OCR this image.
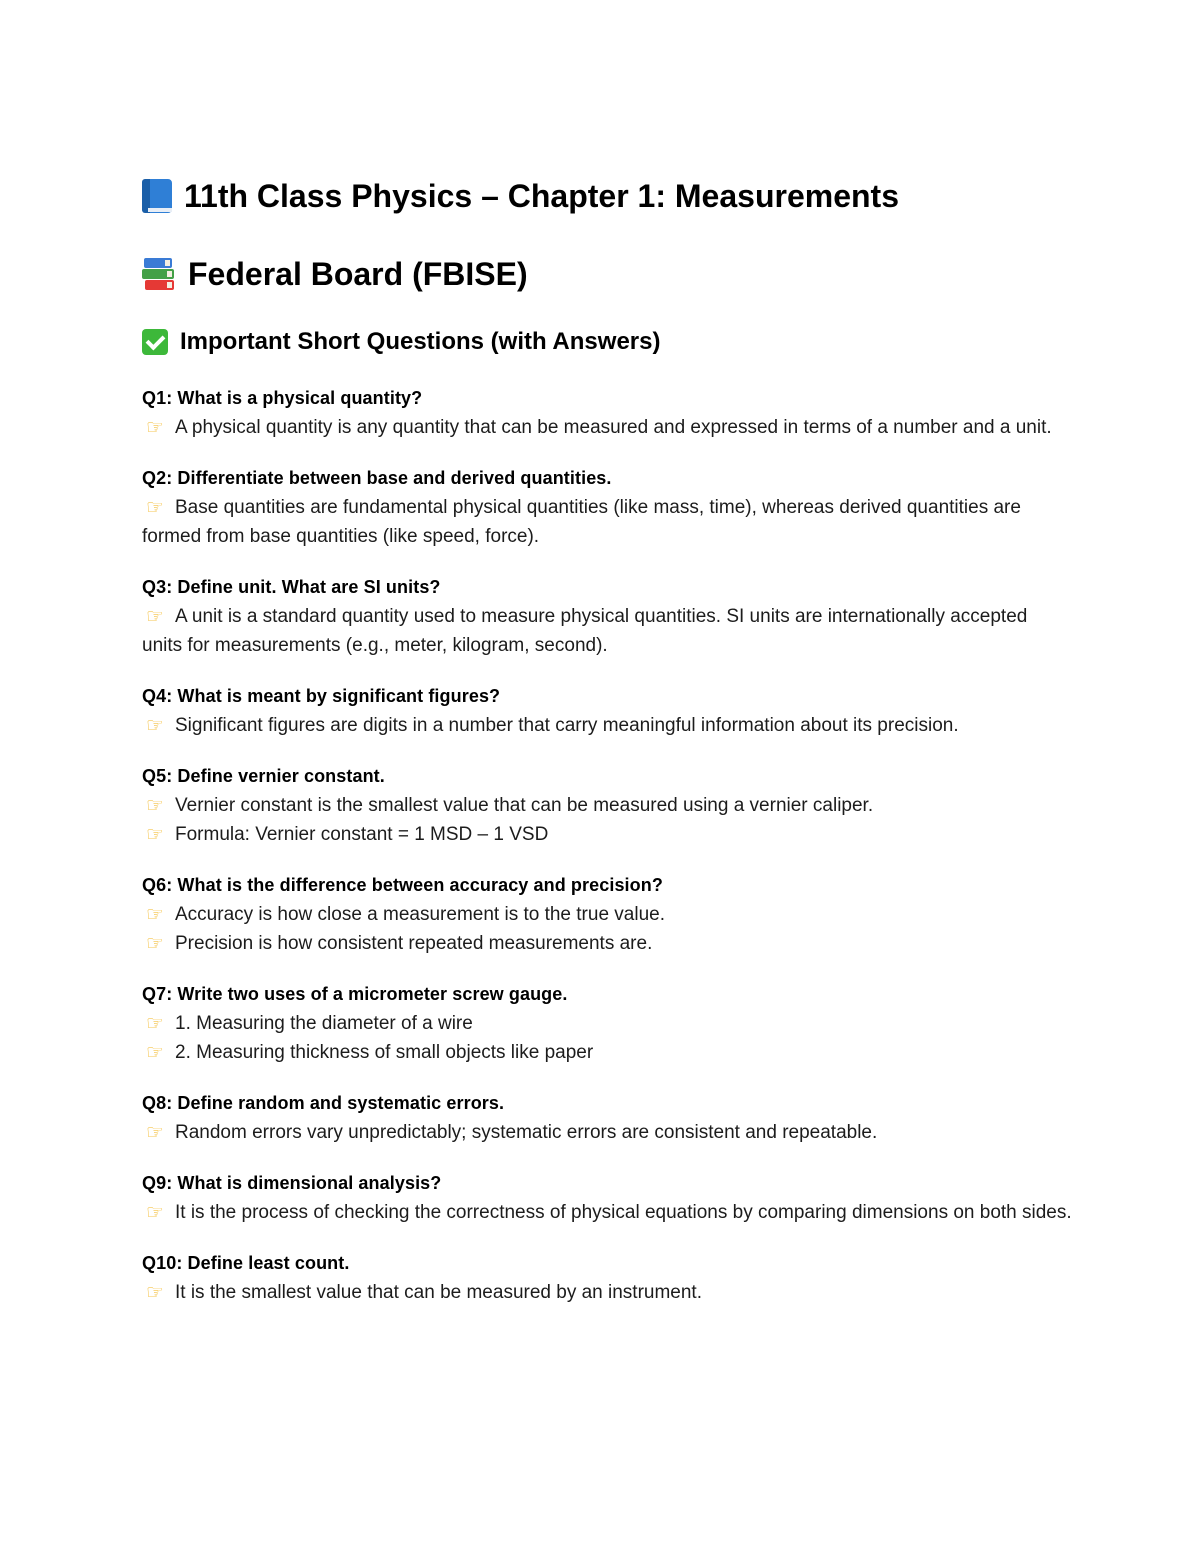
11th Class Physics – Chapter 1: Measurements
Federal Board (FBISE)
Important Short Questions (with Answers)
Q1: What is a physical quantity?
☞ A physical quantity is any quantity that can be measured and expressed in terms of a number and a unit.
Q2: Differentiate between base and derived quantities.
☞ Base quantities are fundamental physical quantities (like mass, time), whereas derived quantities are formed from base quantities (like speed, force).
Q3: Define unit. What are SI units?
☞ A unit is a standard quantity used to measure physical quantities. SI units are internationally accepted units for measurements (e.g., meter, kilogram, second).
Q4: What is meant by significant figures?
☞ Significant figures are digits in a number that carry meaningful information about its precision.
Q5: Define vernier constant.
☞ Vernier constant is the smallest value that can be measured using a vernier caliper.
☞ Formula: Vernier constant = 1 MSD – 1 VSD
Q6: What is the difference between accuracy and precision?
☞ Accuracy is how close a measurement is to the true value.
☞ Precision is how consistent repeated measurements are.
Q7: Write two uses of a micrometer screw gauge.
☞ 1. Measuring the diameter of a wire
☞ 2. Measuring thickness of small objects like paper
Q8: Define random and systematic errors.
☞ Random errors vary unpredictably; systematic errors are consistent and repeatable.
Q9: What is dimensional analysis?
☞ It is the process of checking the correctness of physical equations by comparing dimensions on both sides.
Q10: Define least count.
☞ It is the smallest value that can be measured by an instrument.
